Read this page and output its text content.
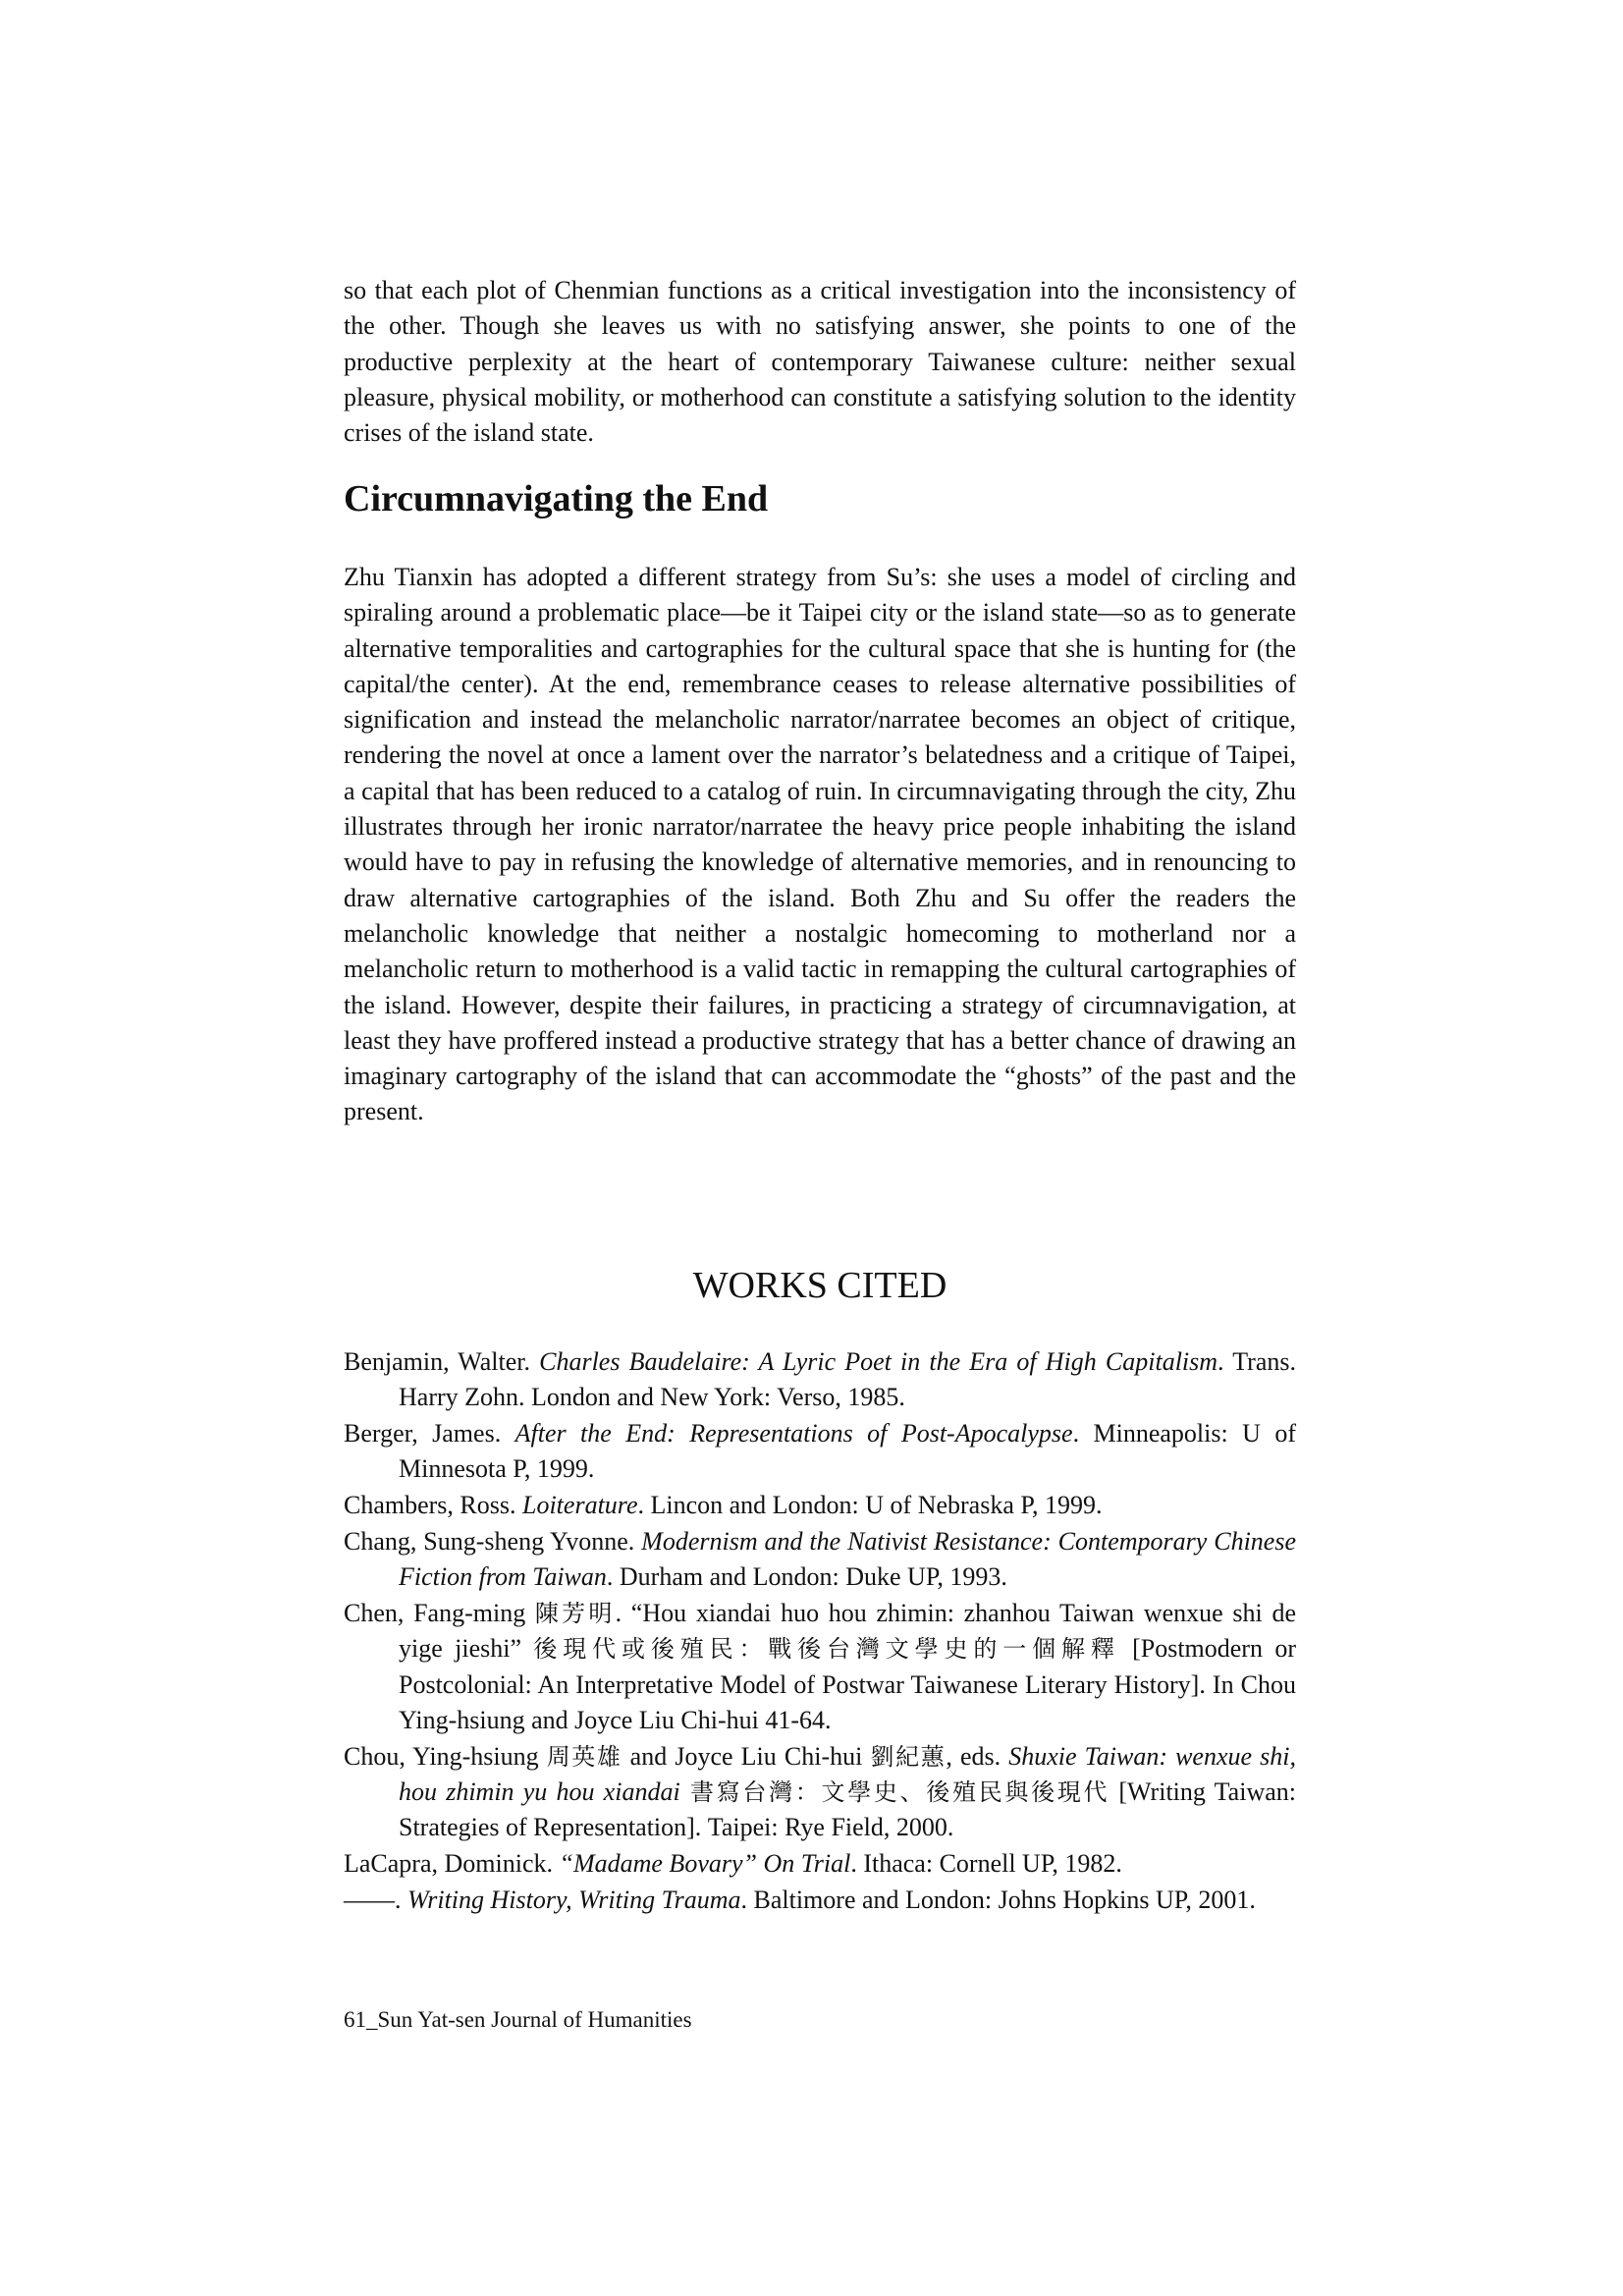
so that each plot of Chenmian functions as a critical investigation into the inconsistency of the other. Though she leaves us with no satisfying answer, she points to one of the productive perplexity at the heart of contemporary Taiwanese culture: neither sexual pleasure, physical mobility, or motherhood can constitute a satisfying solution to the identity crises of the island state.

Circumnavigating the End

Zhu Tianxin has adopted a different strategy from Su’s: she uses a model of circling and spiraling around a problematic place—be it Taipei city or the island state—so as to generate alternative temporalities and cartographies for the cultural space that she is hunting for (the capital/the center). At the end, remembrance ceases to release alternative possibilities of signification and instead the melancholic narrator/narratee becomes an object of critique, rendering the novel at once a lament over the narrator’s belatedness and a critique of Taipei, a capital that has been reduced to a catalog of ruin. In circumnavigating through the city, Zhu illustrates through her ironic narrator/narratee the heavy price people inhabiting the island would have to pay in refusing the knowledge of alternative memories, and in renouncing to draw alternative cartographies of the island. Both Zhu and Su offer the readers the melancholic knowledge that neither a nostalgic homecoming to motherland nor a melancholic return to motherhood is a valid tactic in remapping the cultural cartographies of the island. However, despite their failures, in practicing a strategy of circumnavigation, at least they have proffered instead a productive strategy that has a better chance of drawing an imaginary cartography of the island that can accommodate the “ghosts” of the past and the present.

WORKS CITED
Benjamin, Walter. Charles Baudelaire: A Lyric Poet in the Era of High Capitalism. Trans. Harry Zohn. London and New York: Verso, 1985.
Berger, James. After the End: Representations of Post-Apocalypse. Minneapolis: U of Minnesota P, 1999.
Chambers, Ross. Loiterature. Lincon and London: U of Nebraska P, 1999.
Chang, Sung-sheng Yvonne. Modernism and the Nativist Resistance: Contemporary Chinese Fiction from Taiwan. Durham and London: Duke UP, 1993.
Chen, Fang-ming 陳芳明. “Hou xiandai huo hou zhimin: zhanhou Taiwan wenxue shi de yige jieshi” 後現代或後殖民：戰後台灣文學史的一個解釋 [Postmodern or Postcolonial: An Interpretative Model of Postwar Taiwanese Literary History]. In Chou Ying-hsiung and Joyce Liu Chi-hui 41-64.
Chou, Ying-hsiung 周英雄 and Joyce Liu Chi-hui 劉紀蕙, eds. Shuxie Taiwan: wenxue shi, hou zhimin yu hou xiandai 書寫台灣：文學史、後殖民與後現代 [Writing Taiwan: Strategies of Representation]. Taipei: Rye Field, 2000.
LaCapra, Dominick. “Madame Bovary” On Trial. Ithaca: Cornell UP, 1982.
——. Writing History, Writing Trauma. Baltimore and London: Johns Hopkins UP, 2001.

61_Sun Yat-sen Journal of Humanities
